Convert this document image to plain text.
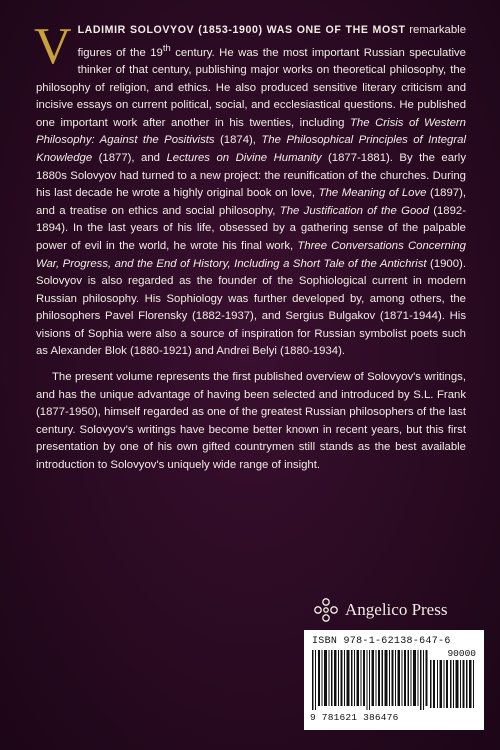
VLADIMIR SOLOVYOV (1853-1900) WAS ONE OF THE MOST remarkable figures of the 19th century. He was the most important Russian speculative thinker of that century, publishing major works on theoretical philosophy, the philosophy of religion, and ethics. He also produced sensitive literary criticism and incisive essays on current political, social, and ecclesiastical questions. He published one important work after another in his twenties, including The Crisis of Western Philosophy: Against the Positivists (1874), The Philosophical Principles of Integral Knowledge (1877), and Lectures on Divine Humanity (1877-1881). By the early 1880s Solovyov had turned to a new project: the reunification of the churches. During his last decade he wrote a highly original book on love, The Meaning of Love (1897), and a treatise on ethics and social philosophy, The Justification of the Good (1892-1894). In the last years of his life, obsessed by a gathering sense of the palpable power of evil in the world, he wrote his final work, Three Conversations Concerning War, Progress, and the End of History, Including a Short Tale of the Antichrist (1900). Solovyov is also regarded as the founder of the Sophiological current in modern Russian philosophy. His Sophiology was further developed by, among others, the philosophers Pavel Florensky (1882-1937), and Sergius Bulgakov (1871-1944). His visions of Sophia were also a source of inspiration for Russian symbolist poets such as Alexander Blok (1880-1921) and Andrei Belyi (1880-1934).

The present volume represents the first published overview of Solovyov's writings, and has the unique advantage of having been selected and introduced by S.L. Frank (1877-1950), himself regarded as one of the greatest Russian philosophers of the last century. Solovyov's writings have become better known in recent years, but this first presentation by one of his own gifted countrymen still stands as the best available introduction to Solovyov's uniquely wide range of insight.

Angelico Press
ISBN 978-1-62138-647-6
90000
9 781621 386476
